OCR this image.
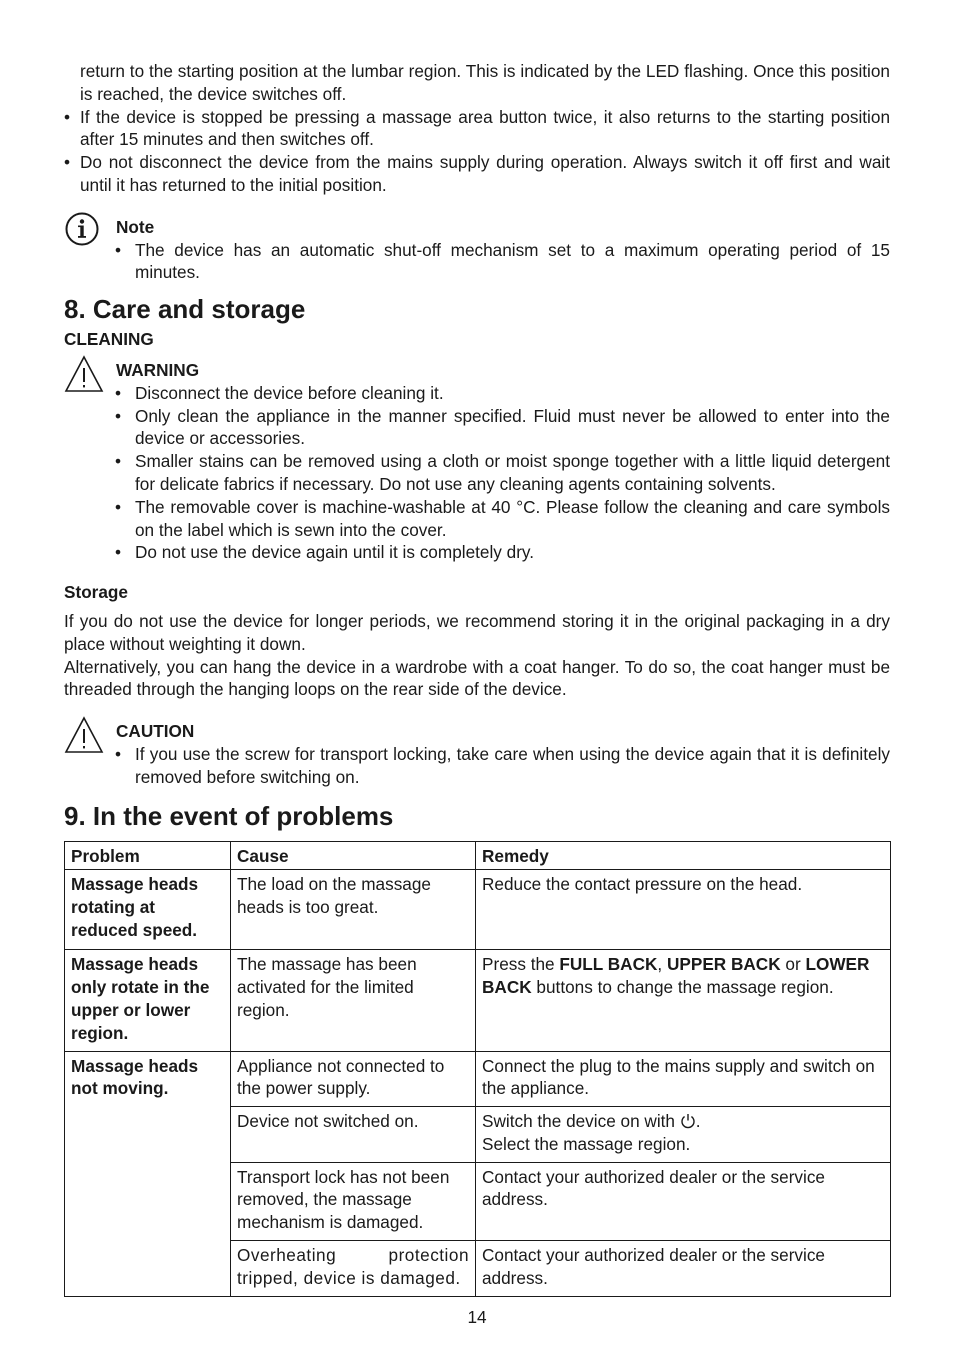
return to the starting position at the lumbar region. This is indicated by the LED flashing. Once this position is reached, the device switches off.
• If the device is stopped be pressing a massage area button twice, it also returns to the starting position after 15 minutes and then switches off.
• Do not disconnect the device from the mains supply during operation. Always switch it off first and wait until it has returned to the initial position.
Note
• The device has an automatic shut-off mechanism set to a maximum operating period of 15 minutes.
8. Care and storage
CLEANING
WARNING
• Disconnect the device before cleaning it.
• Only clean the appliance in the manner specified. Fluid must never be allowed to enter into the device or accessories.
• Smaller stains can be removed using a cloth or moist sponge together with a little liquid detergent for delicate fabrics if necessary. Do not use any cleaning agents containing solvents.
• The removable cover is machine-washable at 40 °C. Please follow the cleaning and care symbols on the label which is sewn into the cover.
• Do not use the device again until it is completely dry.
Storage
If you do not use the device for longer periods, we recommend storing it in the original packaging in a dry place without weighting it down.
Alternatively, you can hang the device in a wardrobe with a coat hanger. To do so, the coat hanger must be threaded through the hanging loops on the rear side of the device.
CAUTION
• If you use the screw for transport locking, take care when using the device again that it is definitely removed before switching on.
9. In the event of problems
Problem	Cause	Remedy
Massage heads rotating at reduced speed.	The load on the massage heads is too great.	Reduce the contact pressure on the head.
Massage heads only rotate in the upper or lower region.	The massage has been activated for the limited region.	Press the FULL BACK, UPPER BACK or LOWER BACK buttons to change the massage region.
Massage heads not moving.	Appliance not connected to the power supply.	Connect the plug to the mains supply and switch on the appliance.
	Device not switched on.	Switch the device on with .
Select the massage region.
	Transport lock has not been removed, the massage mechanism is damaged.	Contact your authorized dealer or the service address.
	Overheating protection tripped, device is damaged.	Contact your authorized dealer or the service address.
14
